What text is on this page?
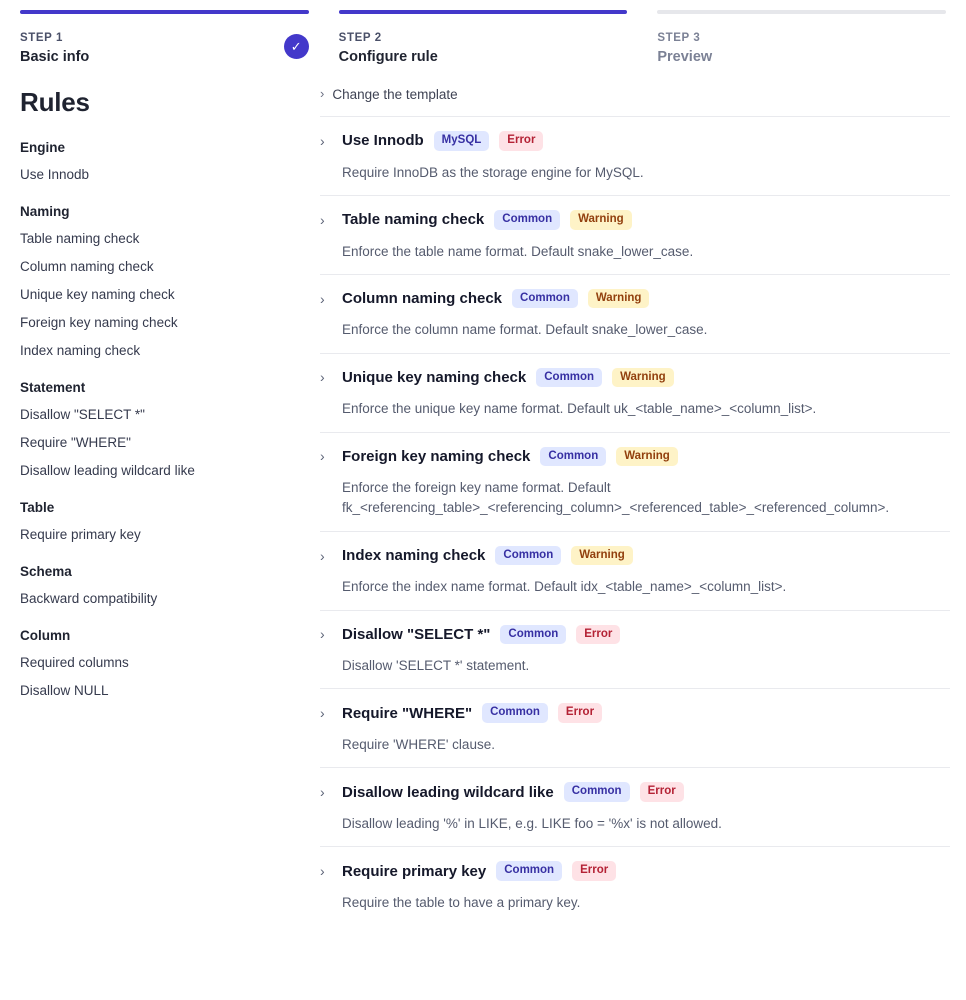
STEP 1
Basic info
✓
STEP 2
Configure rule
STEP 3
Preview
Rules
Engine
Use Innodb
Naming
Table naming check
Column naming check
Unique key naming check
Foreign key naming check
Index naming check
Statement
Disallow "SELECT *"
Require "WHERE"
Disallow leading wildcard like
Table
Require primary key
Schema
Backward compatibility
Column
Required columns
Disallow NULL
› Change the template
›	Use Innodb	MySQL	Error
Require InnoDB as the storage engine for MySQL.
›	Table naming check	Common	Warning
Enforce the table name format. Default snake_lower_case.
›	Column naming check	Common	Warning
Enforce the column name format. Default snake_lower_case.
›	Unique key naming check	Common	Warning
Enforce the unique key name format. Default uk_<table_name>_<column_list>.
›	Foreign key naming check	Common	Warning
Enforce the foreign key name format. Default fk_<referencing_table>_<referencing_column>_<referenced_table>_<referenced_column>.
›	Index naming check	Common	Warning
Enforce the index name format. Default idx_<table_name>_<column_list>.
›	Disallow "SELECT *"	Common	Error
Disallow 'SELECT *' statement.
›	Require "WHERE"	Common	Error
Require 'WHERE' clause.
›	Disallow leading wildcard like	Common	Error
Disallow leading '%' in LIKE, e.g. LIKE foo = '%x' is not allowed.
›	Require primary key	Common	Error
Require the table to have a primary key.
